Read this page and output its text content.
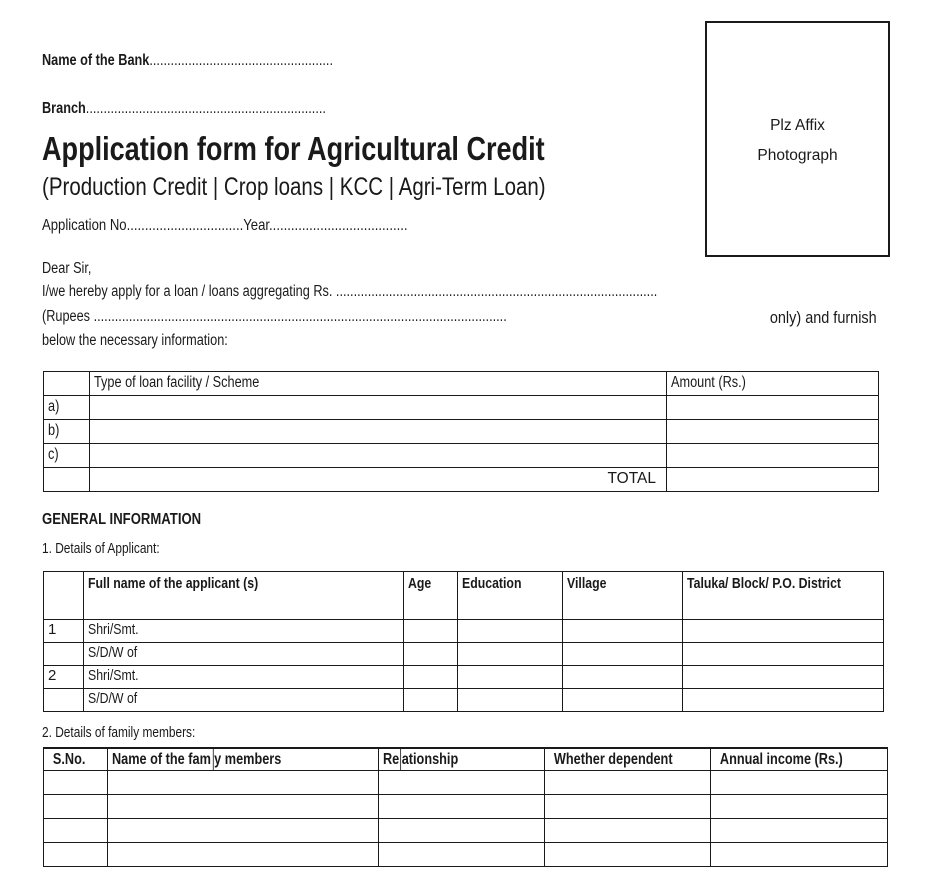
Name of the Bank....................................................
Branch....................................................................
Application form for Agricultural Credit
(Production Credit | Crop loans | KCC | Agri-Term Loan)
Application No................................Year......................................
Plz Affix
Photograph
Dear Sir,
I/we hereby apply for a loan / loans aggregating Rs. ...........................................................................................
(Rupees .....................................................................................................................	only) and furnish
below the necessary information:
	Type of loan facility / Scheme	Amount (Rs.)
a)		
b)		
c)		
	TOTAL	
GENERAL INFORMATION
1. Details of Applicant:
	Full name of the applicant (s)	Age	Education	Village	Taluka/ Block/ P.O. District
1	Shri/Smt.				
	S/D/W of				
2	Shri/Smt.				
	S/D/W of				
2. Details of family members:
S.No.	Name of the fam y members	Re ationship	Whether dependent	Annual income (Rs.)
